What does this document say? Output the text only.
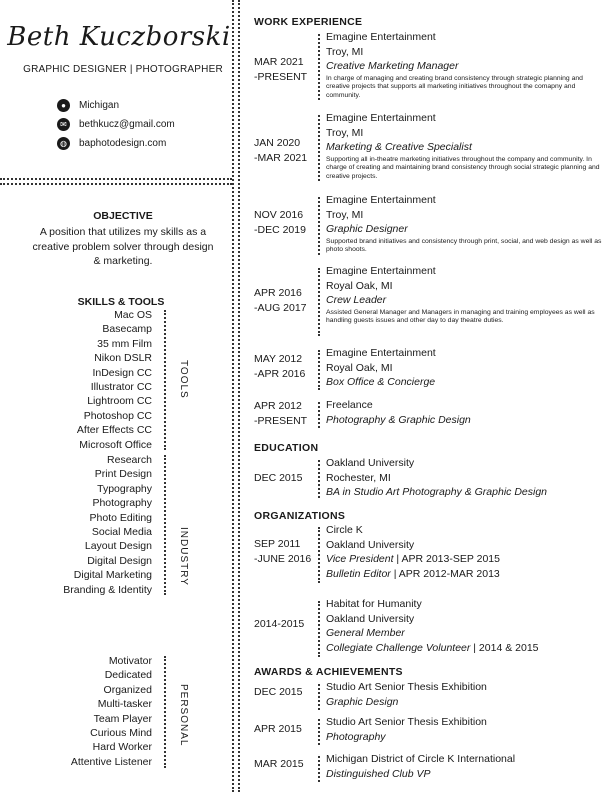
Beth Kuczborski
GRAPHIC DESIGNER | PHOTOGRAPHER
●	Michigan
✉	bethkucz@gmail.com
◍	baphotodesign.com
OBJECTIVE
A position that utilizes my skills as a creative problem solver through design & marketing.
SKILLS & TOOLS
Mac OS
Basecamp
35 mm Film
Nikon DSLR
InDesign CC
Illustrator CC
Lightroom CC
Photoshop CC
After Effects CC
Microsoft Office
TOOLS
Research
Print Design
Typography
Photography
Photo Editing
Social Media
Layout Design
Digital Design
Digital Marketing
Branding & Identity
INDUSTRY
Motivator
Dedicated
Organized
Multi-tasker
Team Player
Curious Mind
Hard Worker
Attentive Listener
PERSONAL
WORK EXPERIENCE
MAR 2021
-PRESENT
Emagine Entertainment
Troy, MI
Creative Marketing Manager
In charge of managing and creating brand consistency through strategic planning and creative projects that supports all marketing initiatives throughout the comapny and community.
JAN 2020
-MAR 2021
Emagine Entertainment
Troy, MI
Marketing & Creative Specialist
Supporting all in-theatre marketing initiatives throughout the company and community. In charge of creating and maintaining brand consistency through social strategic planning and creative projects.
NOV 2016
-DEC 2019
Emagine Entertainment
Troy, MI
Graphic Designer
Supported brand initiatives and consistency through print, social, and web design as well as photo shoots.
APR 2016
-AUG 2017
Emagine Entertainment
Royal Oak, MI
Crew Leader
Assisted General Manager and Managers in managing and training employees as well as handling guests issues and other day to day theatre duties.
MAY 2012
-APR 2016
Emagine Entertainment
Royal Oak, MI
Box Office & Concierge
APR 2012
-PRESENT
Freelance
Photography & Graphic Design
EDUCATION
DEC 2015
Oakland University
Rochester, MI
BA in Studio Art Photography & Graphic Design
ORGANIZATIONS
SEP 2011
-JUNE 2016
Circle K
Oakland University
Vice President | APR 2013-SEP 2015
Bulletin Editor | APR 2012-MAR 2013
2014-2015
Habitat for Humanity
Oakland University
General Member
Collegiate Challenge Volunteer | 2014 & 2015
AWARDS & ACHIEVEMENTS
DEC 2015 Studio Art Senior Thesis Exhibition
Graphic Design
APR 2015
Studio Art Senior Thesis Exhibition
Photography
MAR 2015 Michigan District of Circle K International
Distinguished Club VP
